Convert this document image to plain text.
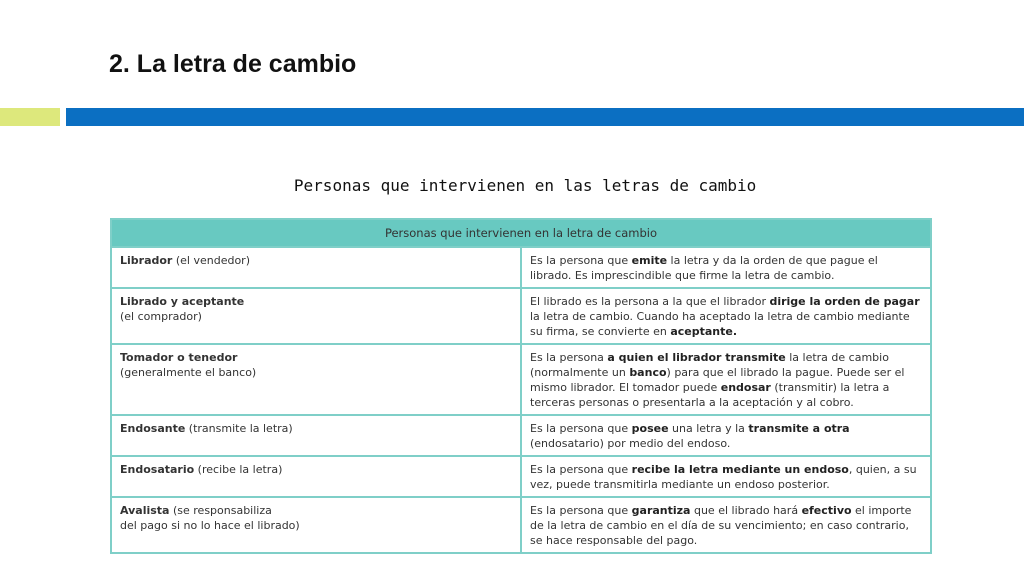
2. La letra de cambio

Personas que intervienen en las letras de cambio

Personas que intervienen en la letra de cambio	
Librador (el vendedor)	Es la persona que emite la letra y da la orden de que pague el librado. Es imprescindible que firme la letra de cambio.
Librado y aceptante
(el comprador)	El librado es la persona a la que el librador dirige la orden de pagar la letra de cambio. Cuando ha aceptado la letra de cambio mediante su firma, se convierte en aceptante.
Tomador o tenedor
(generalmente el banco)	Es la persona a quien el librador transmite la letra de cambio (normalmente un banco) para que el librado la pague. Puede ser el mismo librador. El tomador puede endosar (transmitir) la letra a terceras personas o presentarla a la aceptación y al cobro.
Endosante (transmite la letra)	Es la persona que posee una letra y la transmite a otra (endosatario) por medio del endoso.
Endosatario (recibe la letra)	Es la persona que recibe la letra mediante un endoso, quien, a su vez, puede transmitirla mediante un endoso posterior.
Avalista (se responsabiliza
del pago si no lo hace el librado)	Es la persona que garantiza que el librado hará efectivo el importe de la letra de cambio en el día de su vencimiento; en caso contrario, se hace responsable del pago.
